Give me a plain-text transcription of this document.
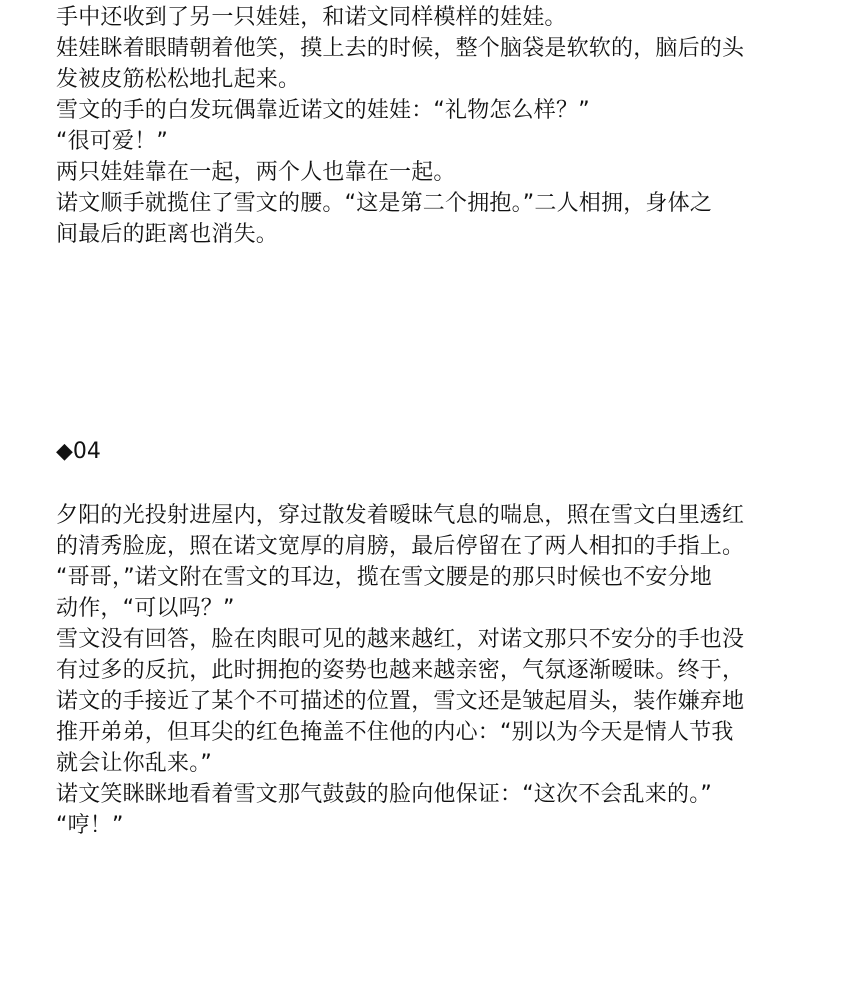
手中还收到了另一只娃娃，和诺文同样模样的娃娃。
娃娃眯着眼睛朝着他笑，摸上去的时候，整个脑袋是软软的，脑后的头
发被皮筋松松地扎起来。
雪文的手的白发玩偶靠近诺文的娃娃：“礼物怎么样？”
“很可爱！”
两只娃娃靠在一起，两个人也靠在一起。
诺文顺手就揽住了雪文的腰。“这是第二个拥抱。”二人相拥，身体之
间最后的距离也消失。
◆04
夕阳的光投射进屋内，穿过散发着暧昧气息的喘息，照在雪文白里透红
的清秀脸庞，照在诺文宽厚的肩膀，最后停留在了两人相扣的手指上。
“哥哥，”诺文附在雪文的耳边，揽在雪文腰是的那只时候也不安分地
动作，“可以吗？”
雪文没有回答，脸在肉眼可见的越来越红，对诺文那只不安分的手也没
有过多的反抗，此时拥抱的姿势也越来越亲密，气氛逐渐暧昧。终于，
诺文的手接近了某个不可描述的位置，雪文还是皱起眉头，装作嫌弃地
推开弟弟，但耳尖的红色掩盖不住他的内心：“别以为今天是情人节我
就会让你乱来。”
诺文笑眯眯地看着雪文那气鼓鼓的脸向他保证：“这次不会乱来的。”
“哼！”
